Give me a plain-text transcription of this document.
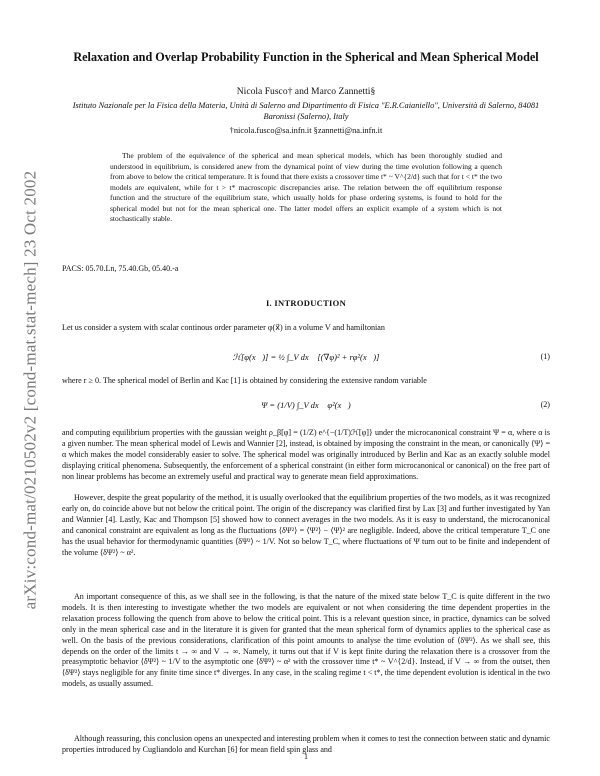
arXiv:cond-mat/0210502v2 [cond-mat.stat-mech] 23 Oct 2002
Relaxation and Overlap Probability Function in the Spherical and Mean Spherical Model
Nicola Fusco† and Marco Zannetti§
Istituto Nazionale per la Fisica della Materia, Unità di Salerno and Dipartimento di Fisica "E.R.Caianiello", Università di Salerno, 84081 Baronissi (Salerno), Italy
†nicola.fusco@sa.infn.it §zannetti@na.infn.it

The problem of the equivalence of the spherical and mean spherical models, which has been thoroughly studied and understood in equilibrium, is considered anew from the dynamical point of view during the time evolution following a quench from above to below the critical temperature. It is found that there exists a crossover time t* ~ V^{2/d} such that for t < t* the two models are equivalent, while for t > t* macroscopic discrepancies arise. The relation between the off equilibrium response function and the structure of the equilibrium state, which usually holds for phase ordering systems, is found to hold for the spherical model but not for the mean spherical one. The latter model offers an explicit example of a system which is not stochastically stable.

PACS: 05.70.Ln, 75.40.Gb, 05.40.-a
I. INTRODUCTION
Let us consider a system with scalar continous order parameter φ(x⃗) in a volume V and hamiltonian
ℋ[φ(x⃗)] = ½ ∫_V dx⃗ [(∇φ)² + rφ²(x⃗)]	(1)
where r ≥ 0. The spherical model of Berlin and Kac [1] is obtained by considering the extensive random variable
Ψ = (1/V) ∫_V dx⃗ φ²(x⃗)	(2)

and computing equilibrium properties with the gaussian weight ρ_β[φ] = (1/Z) e^{−(1/T)ℋ[φ]} under the microcanonical constraint Ψ = α, where α is a given number. The mean spherical model of Lewis and Wannier [2], instead, is obtained by imposing the constraint in the mean, or canonically ⟨Ψ⟩ = α which makes the model considerably easier to solve. The spherical model was originally introduced by Berlin and Kac as an exactly soluble model displaying critical phenomena. Subsequently, the enforcement of a spherical constraint (in either form microcanonical or canonical) on the free part of non linear problems has become an extremely useful and practical way to generate mean field approximations.

However, despite the great popularity of the method, it is usually overlooked that the equilibrium properties of the two models, as it was recognized early on, do coincide above but not below the critical point. The origin of the discrepancy was clarified first by Lax [3] and further investigated by Yan and Wannier [4]. Lastly, Kac and Thompson [5] showed how to connect averages in the two models. As it is easy to understand, the microcanonical and canonical constraint are equivalent as long as the fluctuations ⟨δΨ²⟩ = ⟨Ψ²⟩ − ⟨Ψ⟩² are negligible. Indeed, above the critical temperature T_C one has the usual behavior for thermodynamic quantities ⟨δΨ²⟩ ~ 1/V. Not so below T_C, where fluctuations of Ψ turn out to be finite and independent of the volume ⟨δΨ²⟩ ~ α².

An important consequence of this, as we shall see in the following, is that the nature of the mixed state below T_C is quite different in the two models. It is then interesting to investigate whether the two models are equivalent or not when considering the time dependent properties in the relaxation process following the quench from above to below the critical point. This is a relevant question since, in practice, dynamics can be solved only in the mean spherical case and in the literature it is given for granted that the mean spherical form of dynamics applies to the spherical case as well. On the basis of the previous considerations, clarification of this point amounts to analyse the time evolution of ⟨δΨ²⟩. As we shall see, this depends on the order of the limits t → ∞ and V → ∞. Namely, it turns out that if V is kept finite during the relaxation there is a crossover from the preasymptotic behavior ⟨δΨ²⟩ ~ 1/V to the asymptotic one ⟨δΨ²⟩ ~ α² with the crossover time t* ~ V^{2/d}. Instead, if V → ∞ from the outset, then ⟨δΨ²⟩ stays negligible for any finite time since t* diverges. In any case, in the scaling regime t < t*, the time dependent evolution is identical in the two models, as usually assumed.

Although reassuring, this conclusion opens an unexpected and interesting problem when it comes to test the connection between static and dynamic properties introduced by Cugliandolo and Kurchan [6] for mean field spin glass and

1
